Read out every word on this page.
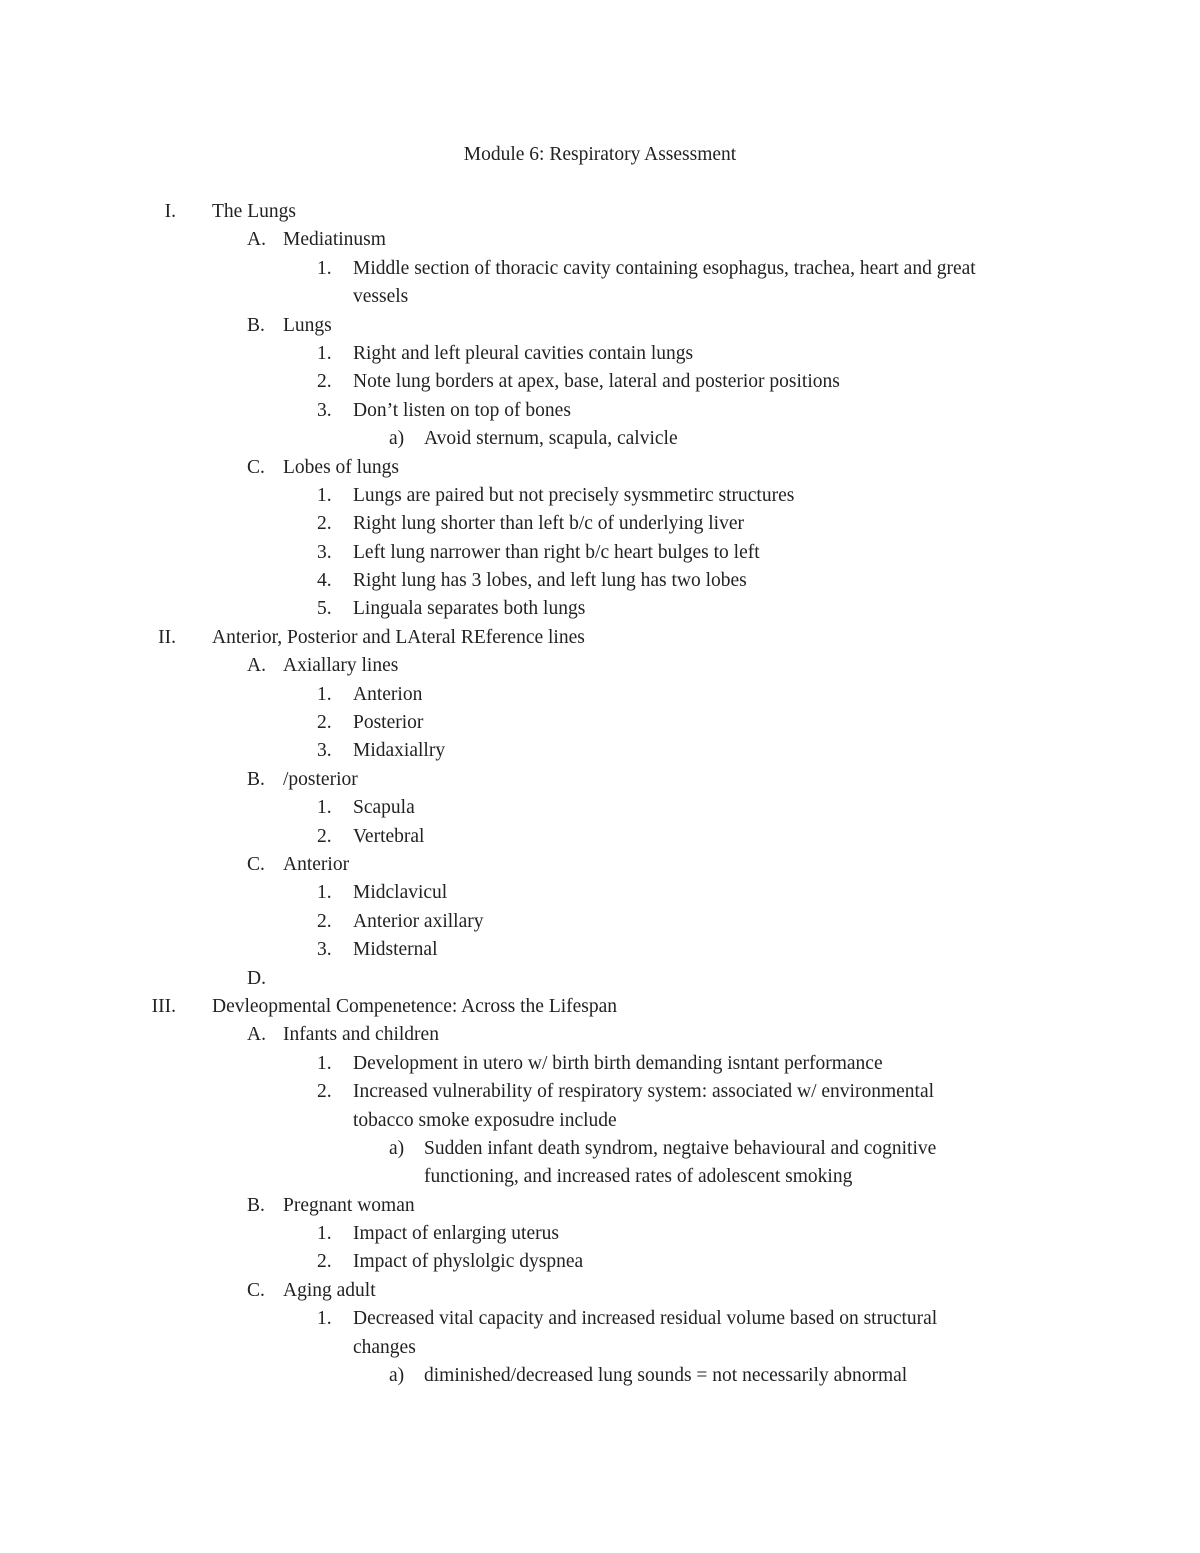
Module 6: Respiratory Assessment
I. The Lungs
A. Mediatinusm
1. Middle section of thoracic cavity containing esophagus, trachea, heart and great
vessels
B. Lungs
1. Right and left pleural cavities contain lungs
2. Note lung borders at apex, base, lateral and posterior positions
3. Don’t listen on top of bones
a) Avoid sternum, scapula, calvicle
C. Lobes of lungs
1. Lungs are paired but not precisely sysmmetirc structures
2. Right lung shorter than left b/c of underlying liver
3. Left lung narrower than right b/c heart bulges to left
4. Right lung has 3 lobes, and left lung has two lobes
5. Linguala separates both lungs
II. Anterior, Posterior and LAteral REference lines
A. Axiallary lines
1. Anterion
2. Posterior
3. Midaxiallry
B. /posterior
1. Scapula
2. Vertebral
C. Anterior
1. Midclavicul
2. Anterior axillary
3. Midsternal
D.
III. Devleopmental Compenetence: Across the Lifespan
A. Infants and children
1. Development in utero w/ birth birth demanding isntant performance
2. Increased vulnerability of respiratory system: associated w/ environmental
tobacco smoke exposudre include
a) Sudden infant death syndrom, negtaive behavioural and cognitive
functioning, and increased rates of adolescent smoking
B. Pregnant woman
1. Impact of enlarging uterus
2. Impact of physlolgic dyspnea
C. Aging adult
1. Decreased vital capacity and increased residual volume based on structural
changes
a) diminished/decreased lung sounds = not necessarily abnormal
